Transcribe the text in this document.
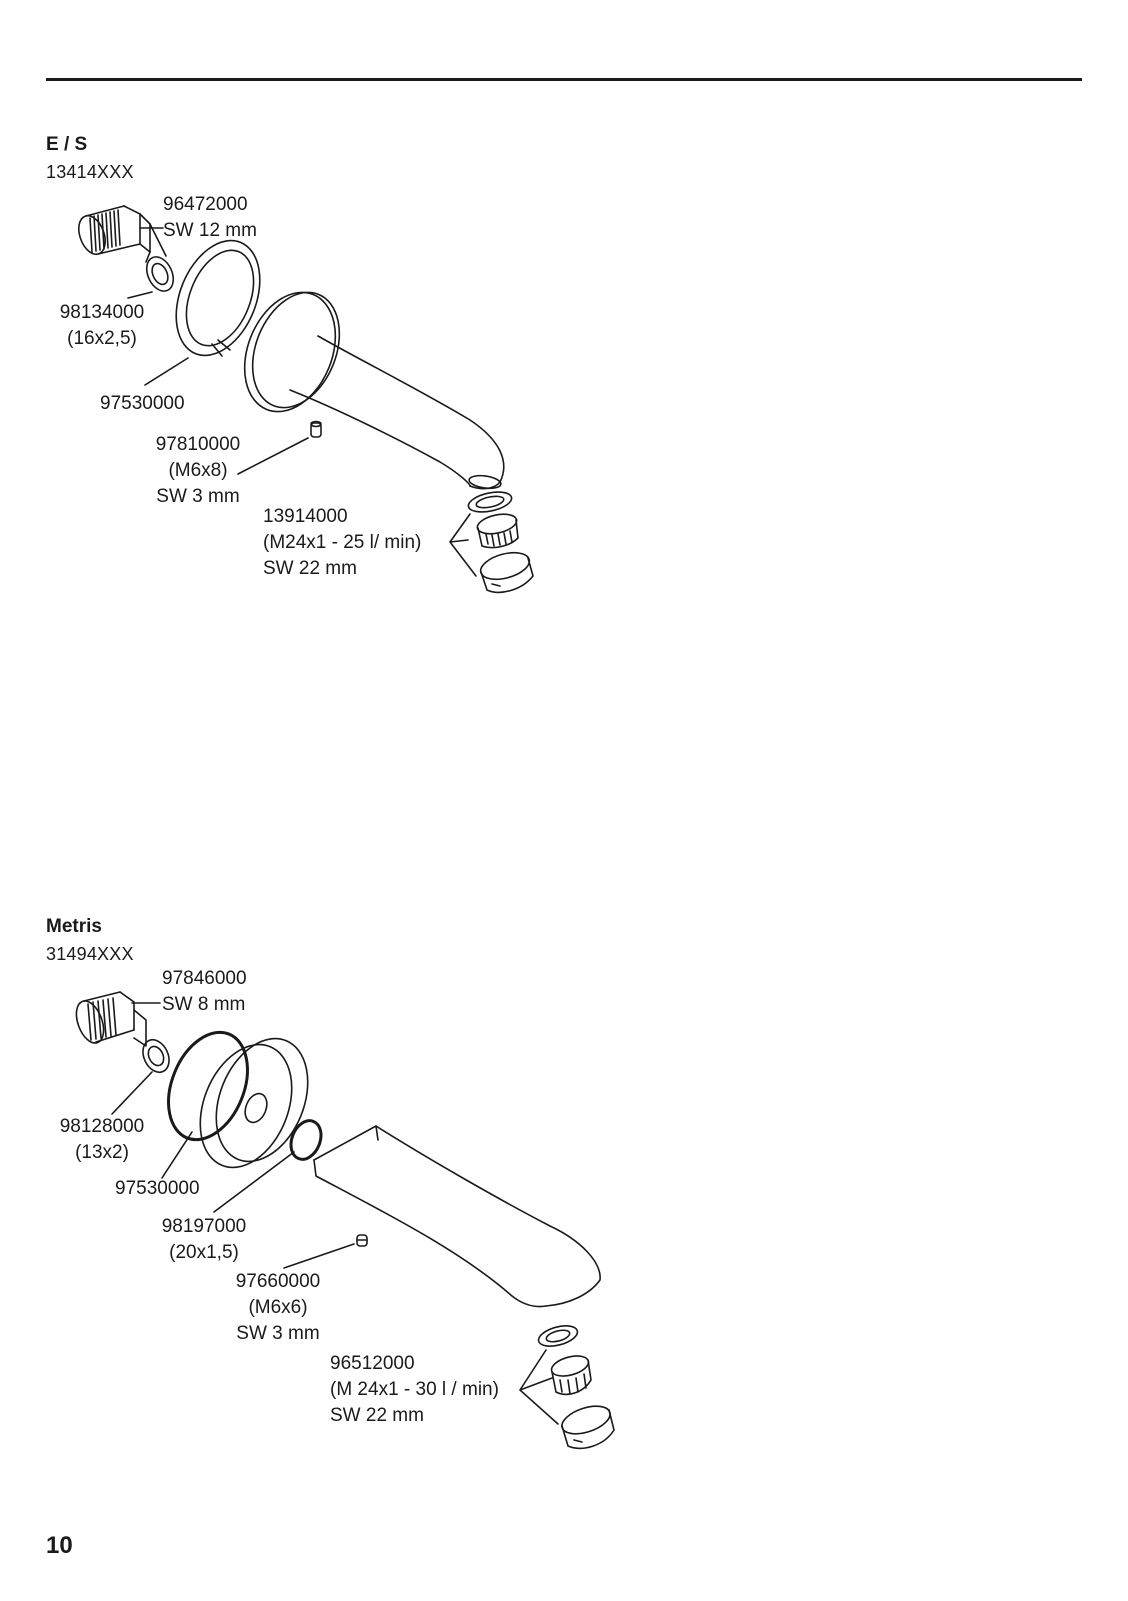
E / S
13414XXX
96472000
SW 12 mm
98134000
(16x2,5)
97530000
97810000
(M6x8)
SW 3 mm
13914000
(M24x1 - 25 l/ min)
SW 22 mm
Metris
31494XXX
97846000
SW 8 mm
98128000
(13x2)
97530000
98197000
(20x1,5)
97660000
(M6x6)
SW 3 mm
96512000
(M 24x1 - 30 l / min)
SW 22 mm
10
